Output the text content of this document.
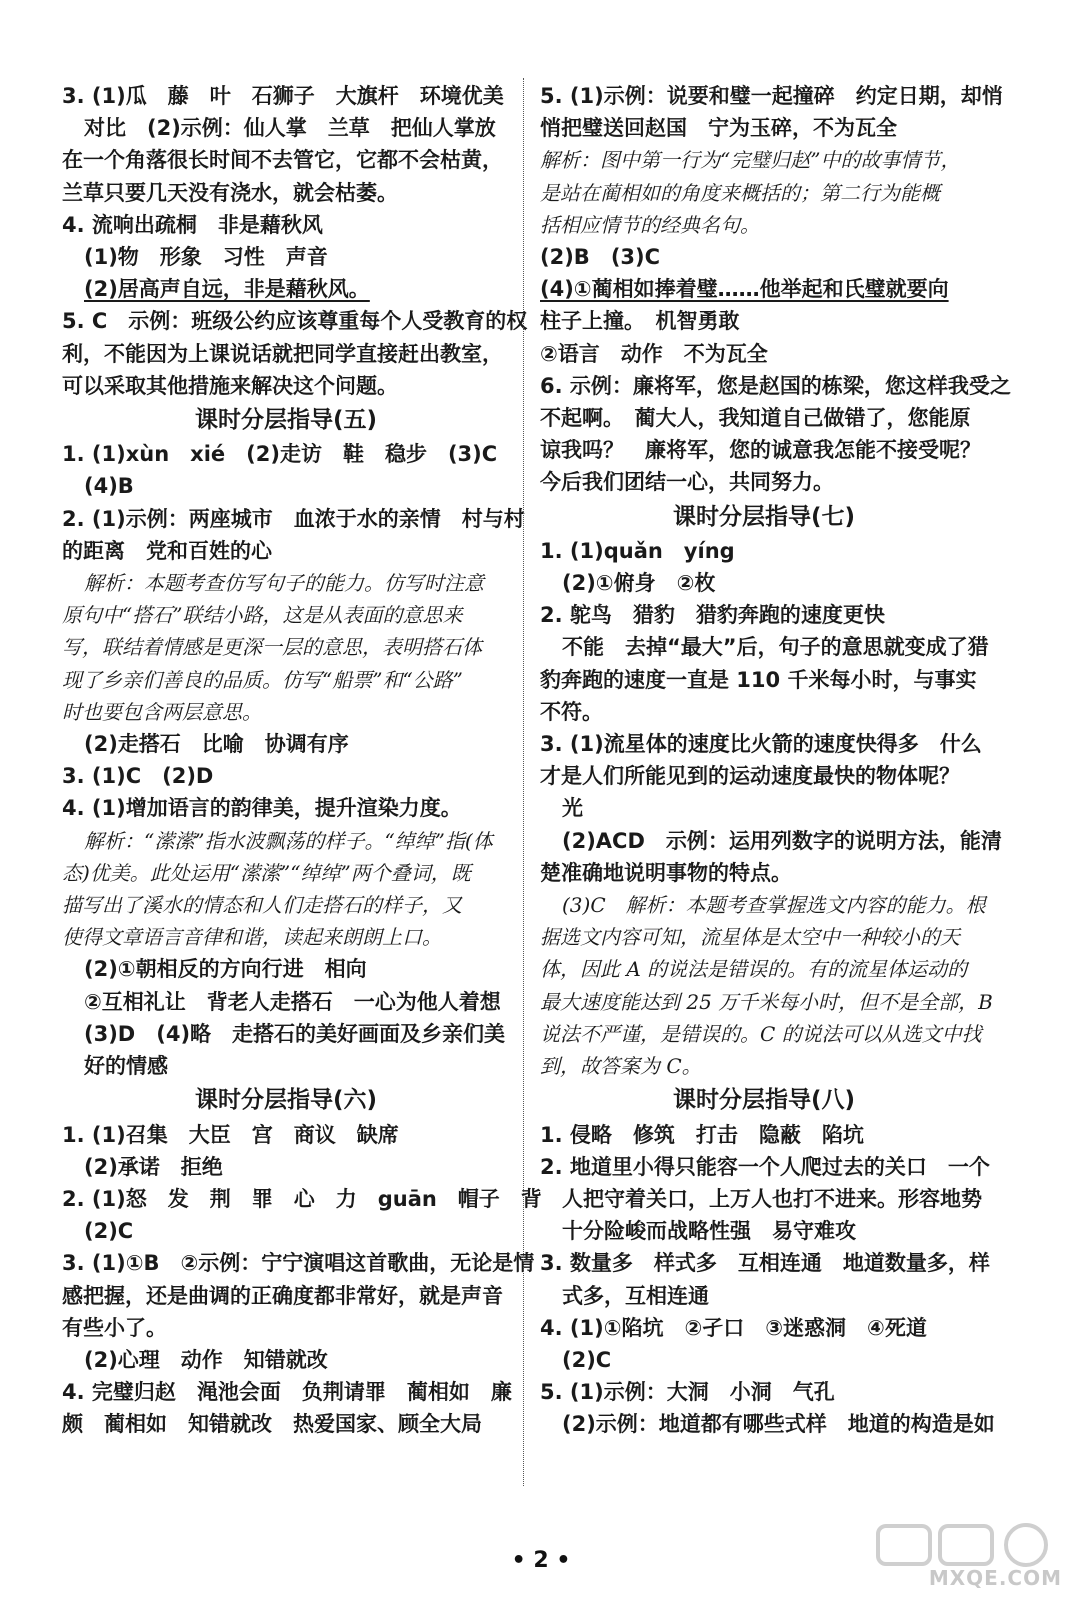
3. (1)瓜　藤　叶　石狮子　大旗杆　环境优美
对比　(2)示例：仙人掌　兰草　把仙人掌放
在一个角落很长时间不去管它，它都不会枯黄，
兰草只要几天没有浇水，就会枯萎。
4. 流响出疏桐　非是藉秋风
(1)物　形象　习性　声音
(2)居高声自远，非是藉秋风。
5. C　示例：班级公约应该尊重每个人受教育的权
利，不能因为上课说话就把同学直接赶出教室，
可以采取其他措施来解决这个问题。
课时分层指导(五)
1. (1)xùn　xié　(2)走访　鞋　稳步　(3)C
(4)B
2. (1)示例：两座城市　血浓于水的亲情　村与村
的距离　党和百姓的心
解析：本题考查仿写句子的能力。仿写时注意
原句中“搭石”联结小路，这是从表面的意思来
写，联结着情感是更深一层的意思，表明搭石体
现了乡亲们善良的品质。仿写“船票”和“公路”
时也要包含两层意思。
(2)走搭石　比喻　协调有序
3. (1)C　(2)D
4. (1)增加语言的韵律美，提升渲染力度。
解析：“潆潆”指水波飘荡的样子。“绰绰”指(体
态)优美。此处运用“潆潆”“绰绰”两个叠词，既
描写出了溪水的情态和人们走搭石的样子，又
使得文章语言音律和谐，读起来朗朗上口。
(2)①朝相反的方向行进　相向
②互相礼让　背老人走搭石　一心为他人着想
(3)D　(4)略　走搭石的美好画面及乡亲们美
好的情感
课时分层指导(六)
1. (1)召集　大臣　宫　商议　缺席
(2)承诺　拒绝
2. (1)怒　发　荆　罪　心　力　guān　帽子　背
(2)C
3. (1)①B　②示例：宁宁演唱这首歌曲，无论是情
感把握，还是曲调的正确度都非常好，就是声音
有些小了。
(2)心理　动作　知错就改
4. 完璧归赵　渑池会面　负荆请罪　蔺相如　廉
颇　蔺相如　知错就改　热爱国家、顾全大局
5. (1)示例：说要和璧一起撞碎　约定日期，却悄
悄把璧送回赵国　宁为玉碎，不为瓦全
解析：图中第一行为“完璧归赵”中的故事情节，
是站在蔺相如的角度来概括的；第二行为能概
括相应情节的经典名句。
(2)B　(3)C
(4)①蔺相如捧着璧……他举起和氏璧就要向
柱子上撞。　机智勇敢
②语言　动作　不为瓦全
6. 示例：廉将军，您是赵国的栋梁，您这样我受之
不起啊。　蔺大人，我知道自己做错了，您能原
谅我吗？　廉将军，您的诚意我怎能不接受呢？
今后我们团结一心，共同努力。
课时分层指导(七)
1. (1)quǎn　yíng
(2)①俯身　②枚
2. 鸵鸟　猎豹　猎豹奔跑的速度更快
不能　去掉“最大”后，句子的意思就变成了猎
豹奔跑的速度一直是 110 千米每小时，与事实
不符。
3. (1)流星体的速度比火箭的速度快得多　什么
才是人们所能见到的运动速度最快的物体呢？
光
(2)ACD　示例：运用列数字的说明方法，能清
楚准确地说明事物的特点。
(3)C　解析：本题考查掌握选文内容的能力。根
据选文内容可知，流星体是太空中一种较小的天
体，因此 A 的说法是错误的。有的流星体运动的
最大速度能达到 25 万千米每小时，但不是全部，B
说法不严谨，是错误的。C 的说法可以从选文中找
到，故答案为 C。
课时分层指导(八)
1. 侵略　修筑　打击　隐蔽　陷坑
2. 地道里小得只能容一个人爬过去的关口　一个
人把守着关口，上万人也打不进来。形容地势
十分险峻而战略性强　易守难攻
3. 数量多　样式多　互相连通　地道数量多，样
式多，互相连通
4. (1)①陷坑　②孑口　③迷惑洞　④死道
(2)C
5. (1)示例：大洞　小洞　气孔
(2)示例：地道都有哪些式样　地道的构造是如
• 2 •
MXQE.COM
